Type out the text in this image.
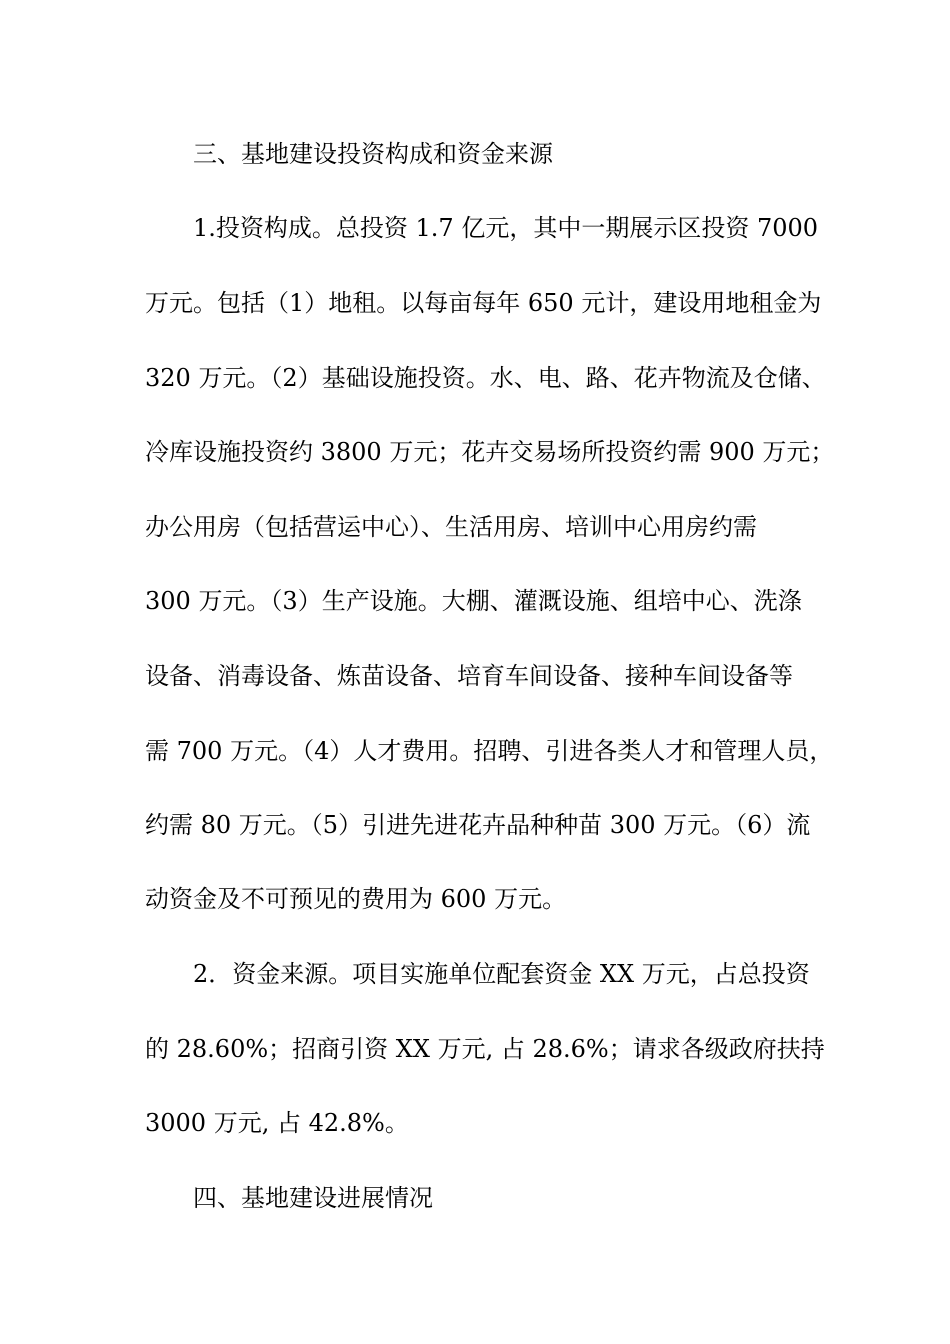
三、基地建设投资构成和资金来源
1.投资构成。总投资 1.7 亿元，其中一期展示区投资 7000
万元。包括（1）地租。以每亩每年 650 元计，建设用地租金为
320 万元。（2）基础设施投资。水、电、路、花卉物流及仓储、
冷库设施投资约 3800 万元；花卉交易场所投资约需 900 万元；
办公用房（包括营运中心）、生活用房、培训中心用房约需
300 万元。（3）生产设施。大棚、灌溉设施、组培中心、洗涤
设备、消毒设备、炼苗设备、培育车间设备、接种车间设备等
需 700 万元。（4）人才费用。招聘、引进各类人才和管理人员，
约需 80 万元。（5）引进先进花卉品种种苗 300 万元。（6）流
动资金及不可预见的费用为 600 万元。
2．资金来源。项目实施单位配套资金 XX 万元，占总投资
的 28.60%；招商引资 XX 万元, 占 28.6%；请求各级政府扶持
3000 万元, 占 42.8%。
四、基地建设进展情况
